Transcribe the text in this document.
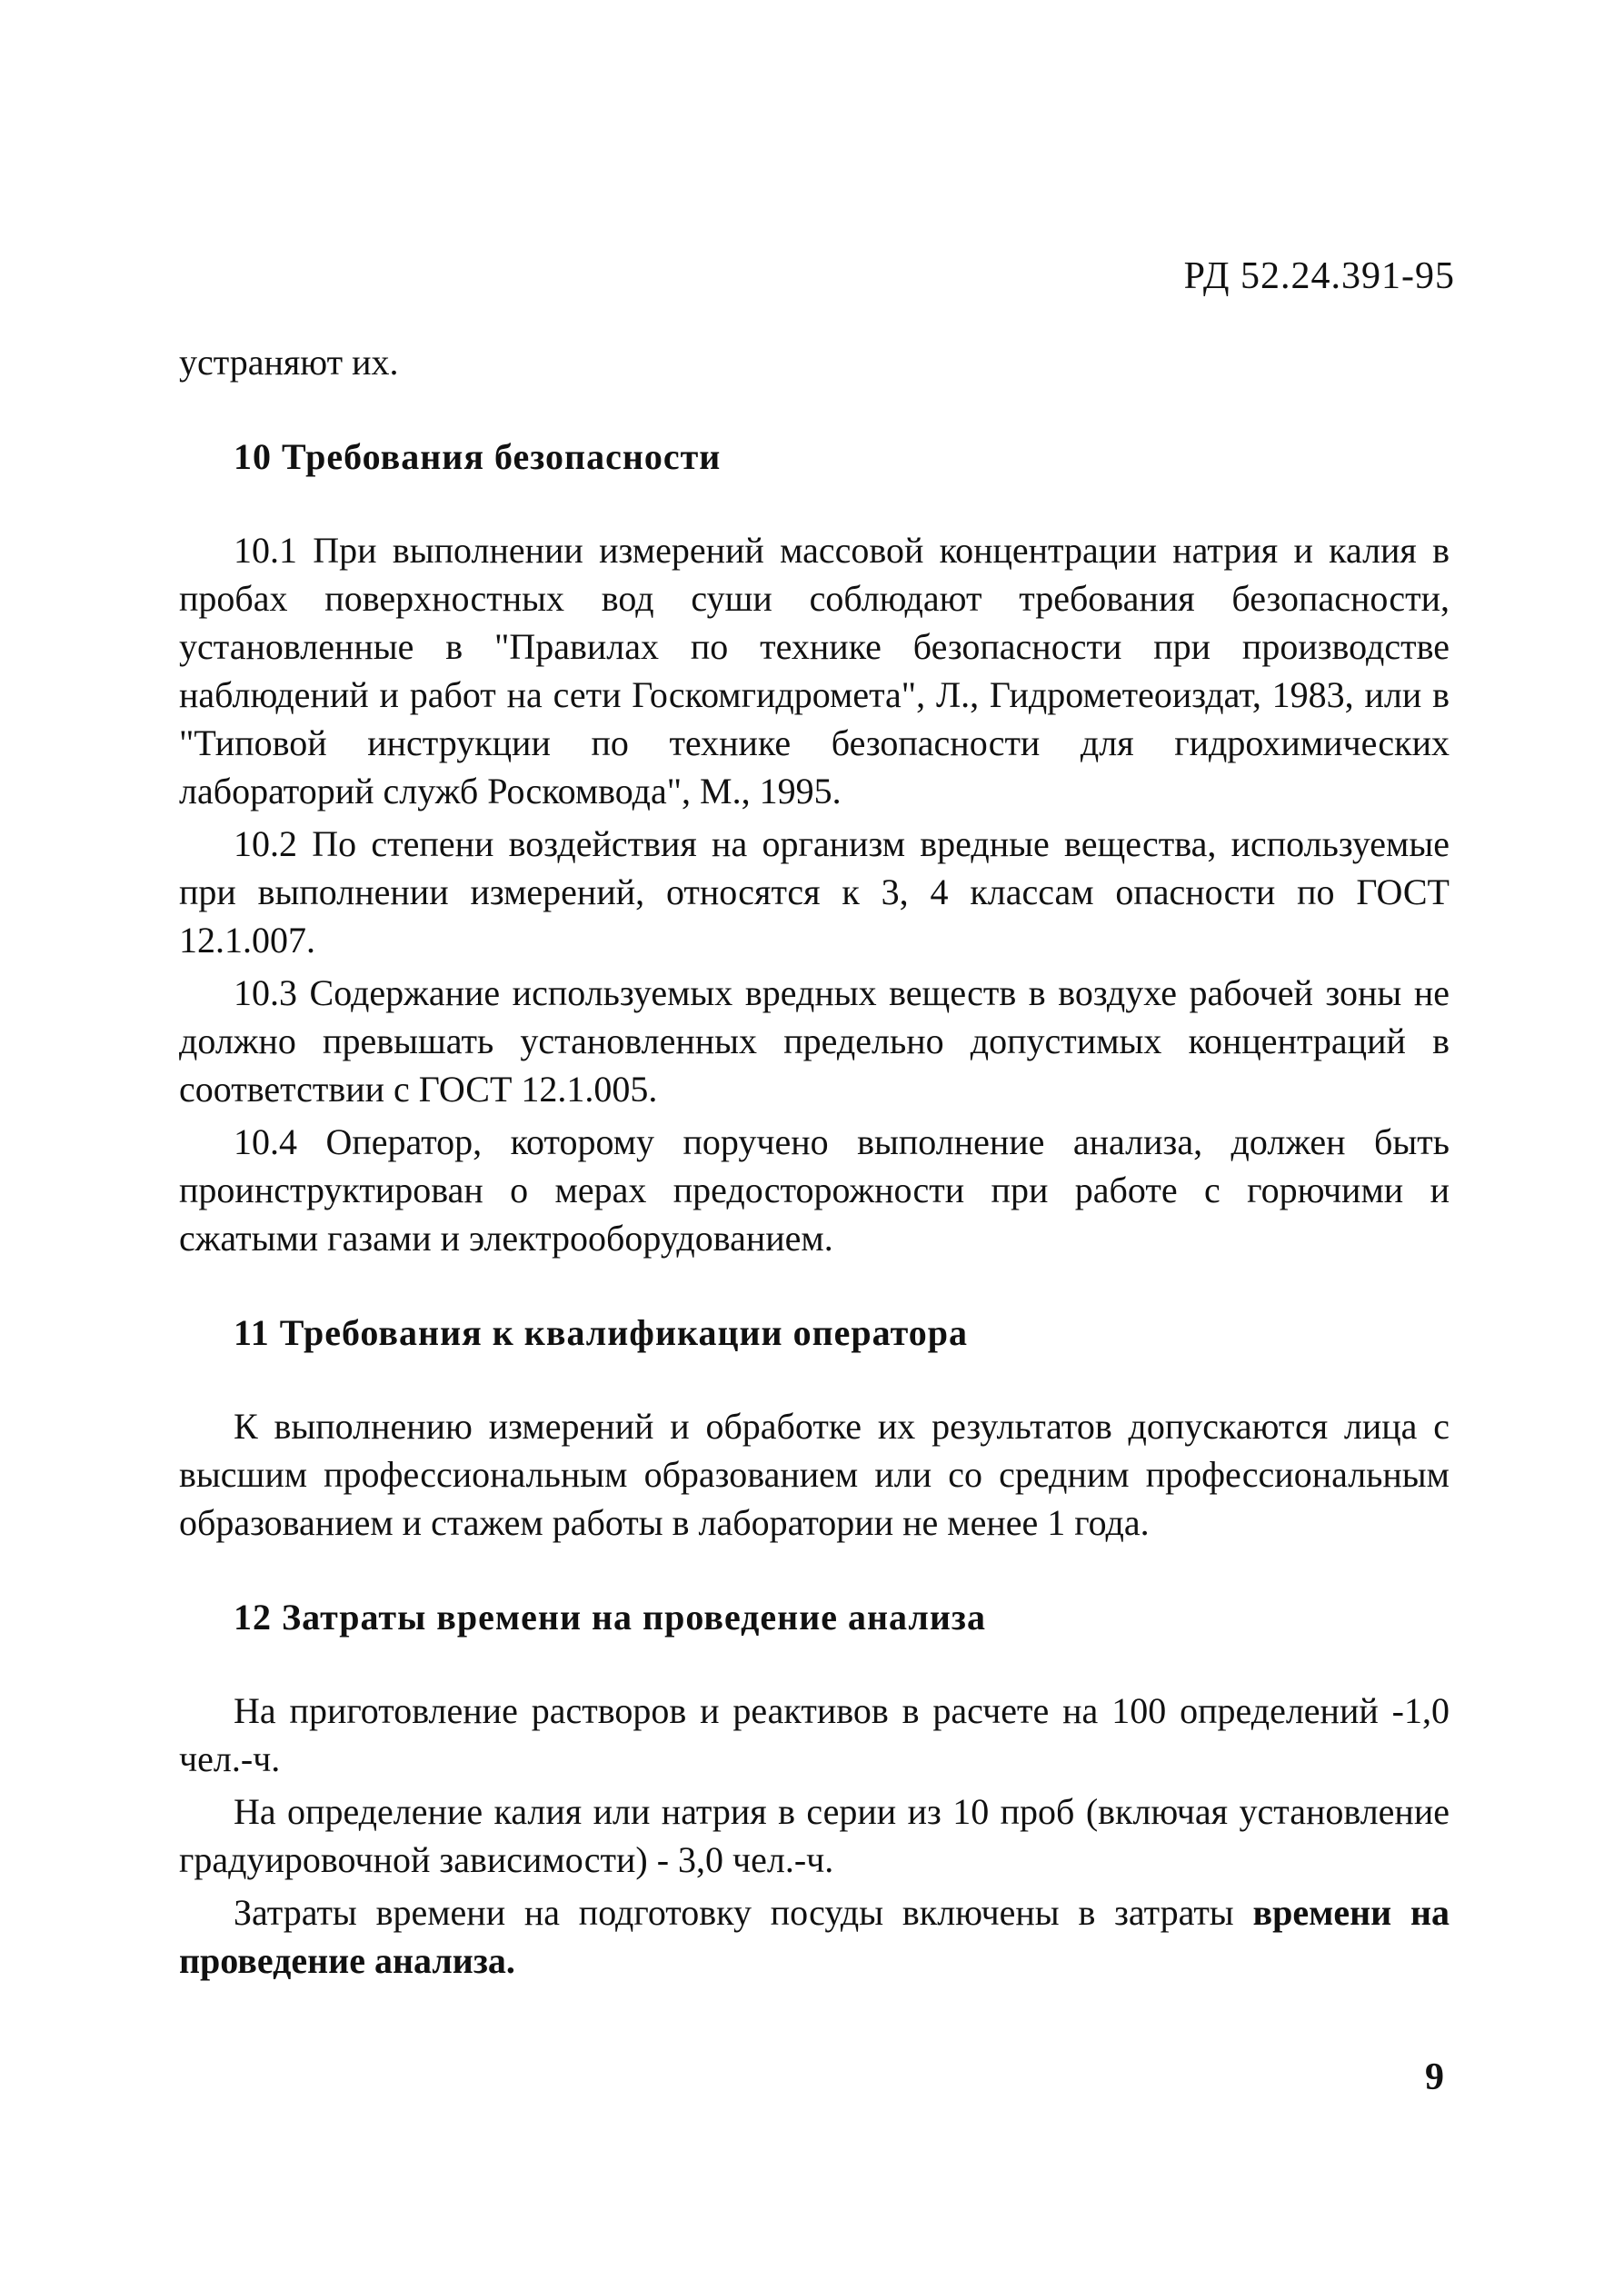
РД 52.24.391-95

устраняют их.

10 Требования безопасности

10.1 При выполнении измерений массовой концентрации натрия и калия в пробах поверхностных вод суши соблюдают требования безопасности, установленные в "Правилах по технике безопасности при производстве наблюдений и работ на сети Госкомгидромета", Л., Гидрометеоиздат, 1983, или в "Типовой инструкции по технике безопасности для гидрохимических лабораторий служб Роскомвода", М., 1995.

10.2 По степени воздействия на организм вредные вещества, используемые при выполнении измерений, относятся к 3, 4 классам опасности по ГОСТ 12.1.007.

10.3 Содержание используемых вредных веществ в воздухе рабочей зоны не должно превышать установленных предельно допустимых концентраций в соответствии с ГОСТ 12.1.005.

10.4 Оператор, которому поручено выполнение анализа, должен быть проинструктирован о мерах предосторожности при работе с горючими и сжатыми газами и электрооборудованием.

11 Требования к квалификации оператора

К выполнению измерений и обработке их результатов допускаются лица с высшим профессиональным образованием или со средним профессиональным образованием и стажем работы в лаборатории не менее 1 года.

12 Затраты времени на проведение анализа

На приготовление растворов и реактивов в расчете на 100 определений -1,0 чел.-ч.

На определение калия или натрия в серии из 10 проб (включая установление градуировочной зависимости) - 3,0 чел.-ч.

Затраты времени на подготовку посуды включены в затраты времени на проведение анализа.

9
